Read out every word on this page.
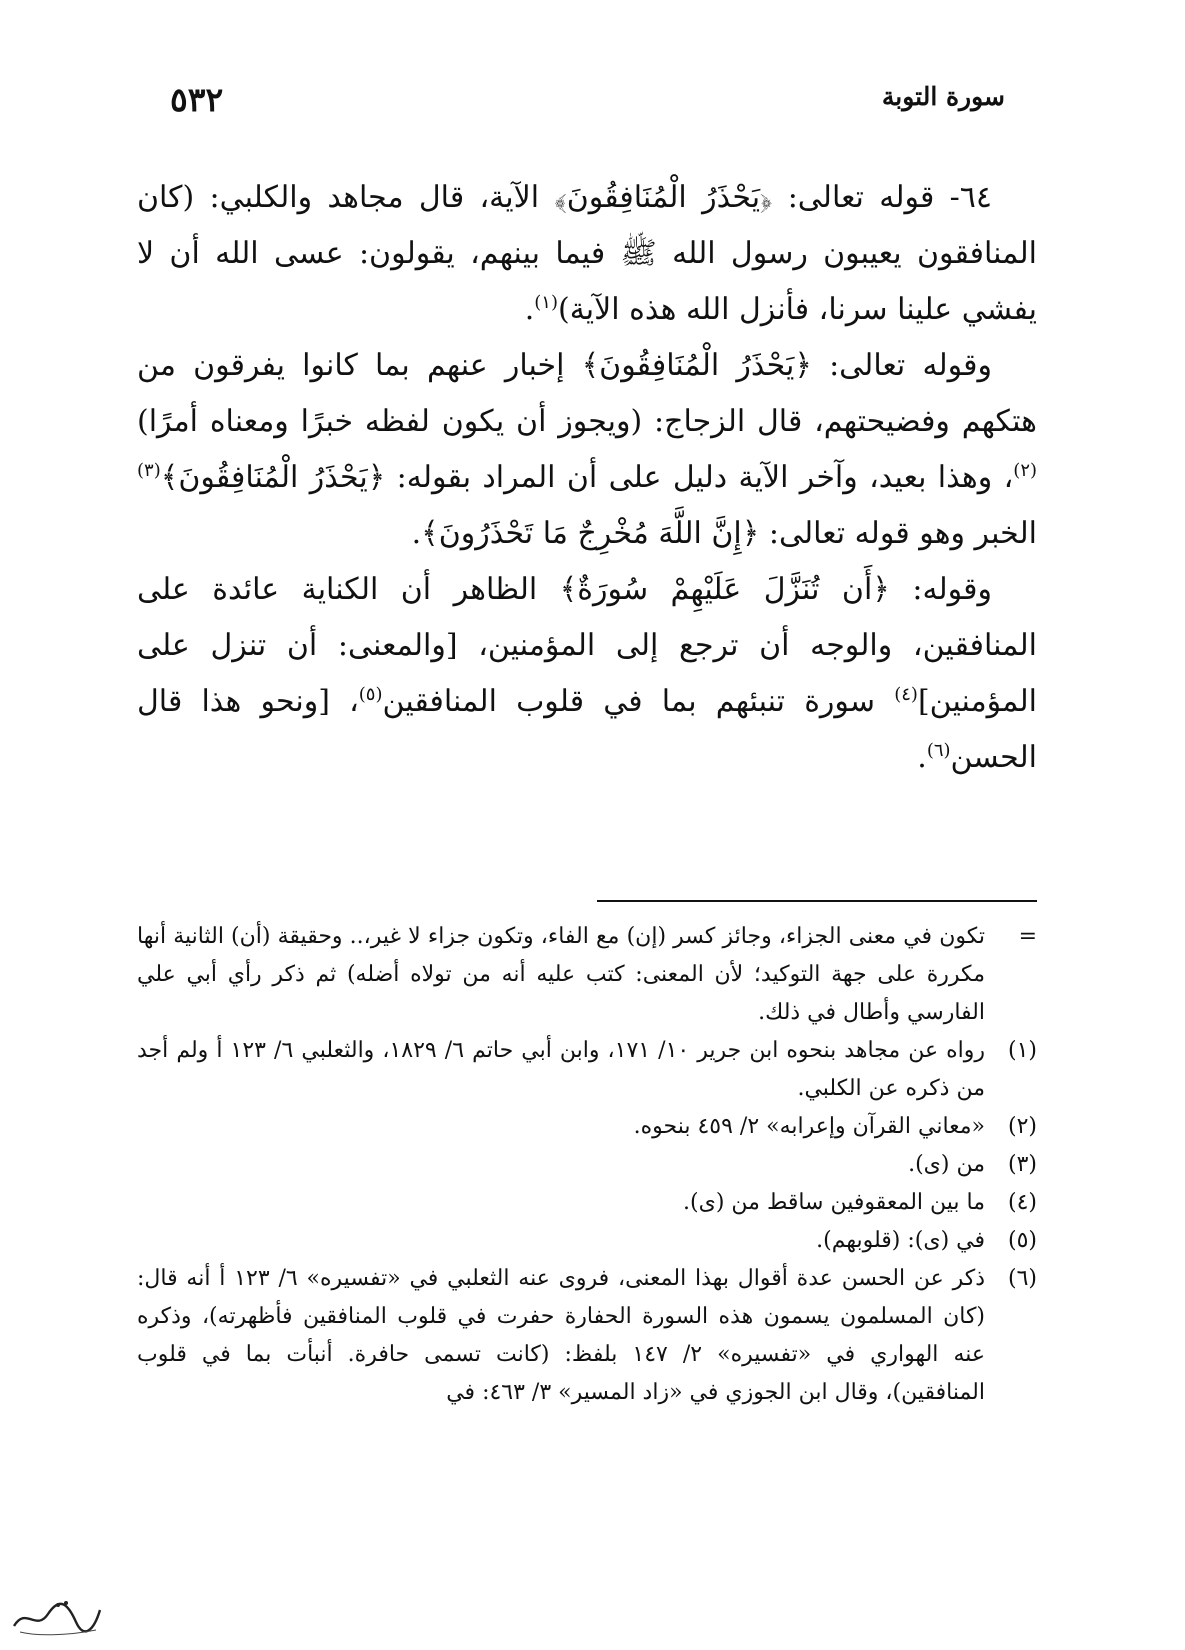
سورة التوبة
٥٣٢

٦٤- قوله تعالى: ﴿يَحْذَرُ الْمُنَافِقُونَ﴾ الآية، قال مجاهد والكلبي: (كان المنافقون يعيبون رسول الله ﷺ فيما بينهم، يقولون: عسى الله أن لا يفشي علينا سرنا، فأنزل الله هذه الآية)$^{(١)}$.

وقوله تعالى: ﴿يَحْذَرُ الْمُنَافِقُونَ﴾ إخبار عنهم بما كانوا يفرقون من هتكهم وفضيحتهم، قال الزجاج: (ويجوز أن يكون لفظه خبرًا ومعناه أمرًا)$^{(٢)}$، وهذا بعيد، وآخر الآية دليل على أن المراد بقوله: ﴿يَحْذَرُ الْمُنَافِقُونَ﴾$^{(٣)}$ الخبر وهو قوله تعالى: ﴿إِنَّ اللَّهَ مُخْرِجٌ مَا تَحْذَرُونَ﴾.

وقوله: ﴿أَن تُنَزَّلَ عَلَيْهِمْ سُورَةٌ﴾ الظاهر أن الكناية عائدة على المنافقين، والوجه أن ترجع إلى المؤمنين، [والمعنى: أن تنزل على المؤمنين]$^{(٤)}$ سورة تنبئهم بما في قلوب المنافقين$^{(٥)}$، [ونحو هذا قال الحسن$^{(٦)}$.

=
تكون في معنى الجزاء، وجائز كسر (إن) مع الفاء، وتكون جزاء لا غير،.. وحقيقة (أن) الثانية أنها مكررة على جهة التوكيد؛ لأن المعنى: كتب عليه أنه من تولاه أضله) ثم ذكر رأي أبي علي الفارسي وأطال في ذلك.
(١)
رواه عن مجاهد بنحوه ابن جرير ١٠/ ١٧١، وابن أبي حاتم ٦/ ١٨٢٩، والثعلبي ٦/ ١٢٣ أ ولم أجد من ذكره عن الكلبي.
(٢)
«معاني القرآن وإعرابه» ٢/ ٤٥٩ بنحوه.
(٣)
من (ى).
(٤)
ما بين المعقوفين ساقط من (ى).
(٥)
في (ى): (قلوبهم).
(٦)
ذكر عن الحسن عدة أقوال بهذا المعنى، فروى عنه الثعلبي في «تفسيره» ٦/ ١٢٣ أ أنه قال: (كان المسلمون يسمون هذه السورة الحفارة حفرت في قلوب المنافقين فأظهرته)، وذكره عنه الهواري في «تفسيره» ٢/ ١٤٧ بلفظ: (كانت تسمى حافرة. أنبأت بما في قلوب المنافقين)، وقال ابن الجوزي في «زاد المسير» ٣/ ٤٦٣: في
